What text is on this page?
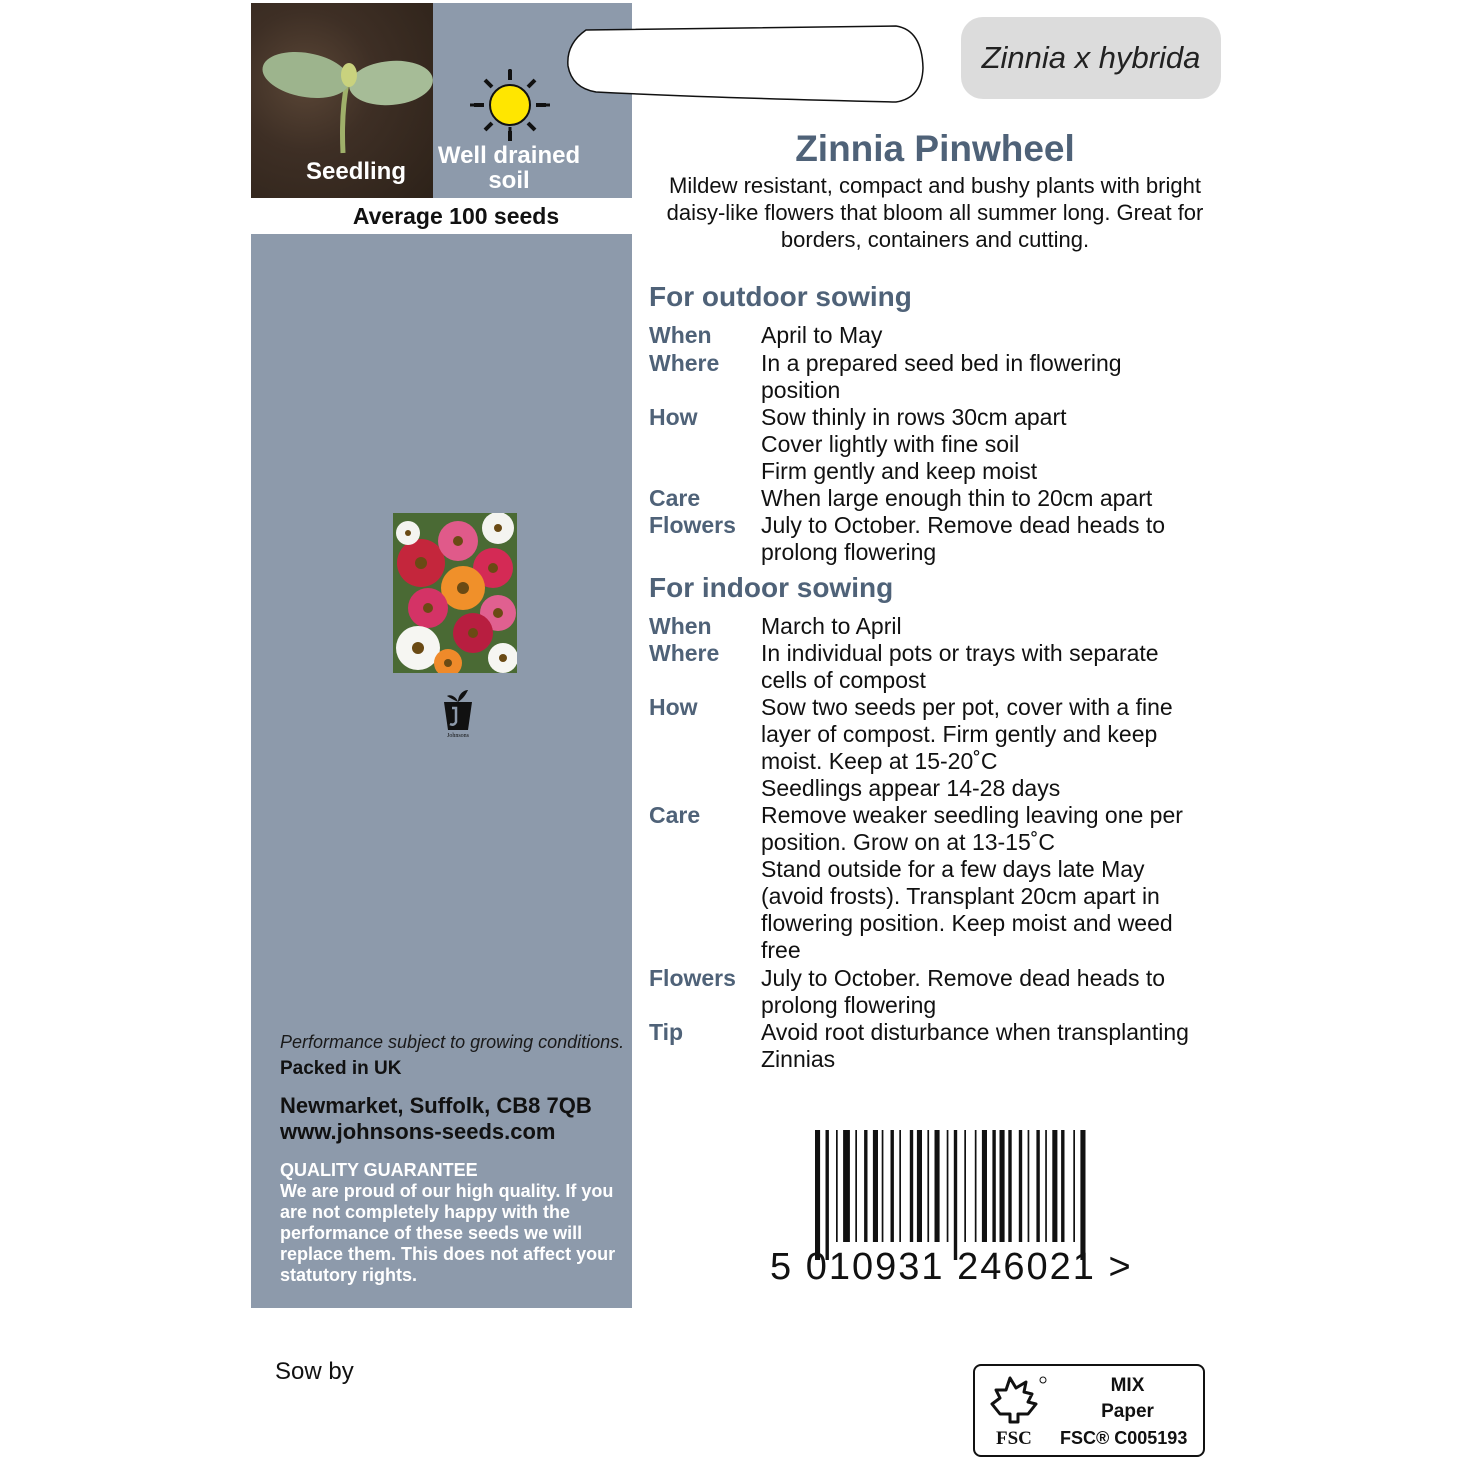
Seedling
Well drained soil
Average 100 seeds
Johnsons
Performance subject to growing conditions.
Packed in UK
Newmarket, Suffolk, CB8 7QB
www.johnsons-seeds.com
QUALITY GUARANTEE
We are proud of our high quality. If you are not completely happy with the performance of these seeds we will replace them. This does not affect your statutory rights.
Zinnia x hybrida
Zinnia Pinwheel
Mildew resistant, compact and bushy plants with bright daisy-like flowers that bloom all summer long. Great for borders, containers and cutting.
For outdoor sowing
When April to May
Where In a prepared seed bed in flowering position
How	Sow thinly in rows 30cm apart
Cover lightly with fine soil
Firm gently and keep moist
Care	When large enough thin to 20cm apart
Flowers July to October. Remove dead heads to prolong flowering
For indoor sowing
When March to April
Where In individual pots or trays with separate cells of compost
How	Sow two seeds per pot, cover with a fine layer of compost. Firm gently and keep moist. Keep at 15-20˚C
Seedlings appear 14-28 days
Care	Remove weaker seedling leaving one per position. Grow on at 13-15˚C
Stand outside for a few days late May (avoid frosts). Transplant 20cm apart in flowering position. Keep moist and weed free
Flowers July to October. Remove dead heads to prolong flowering
Tip	Avoid root disturbance when transplanting Zinnias
5 010931 246021 >
Sow by
FSC
MIX
Paper
FSC® C005193
